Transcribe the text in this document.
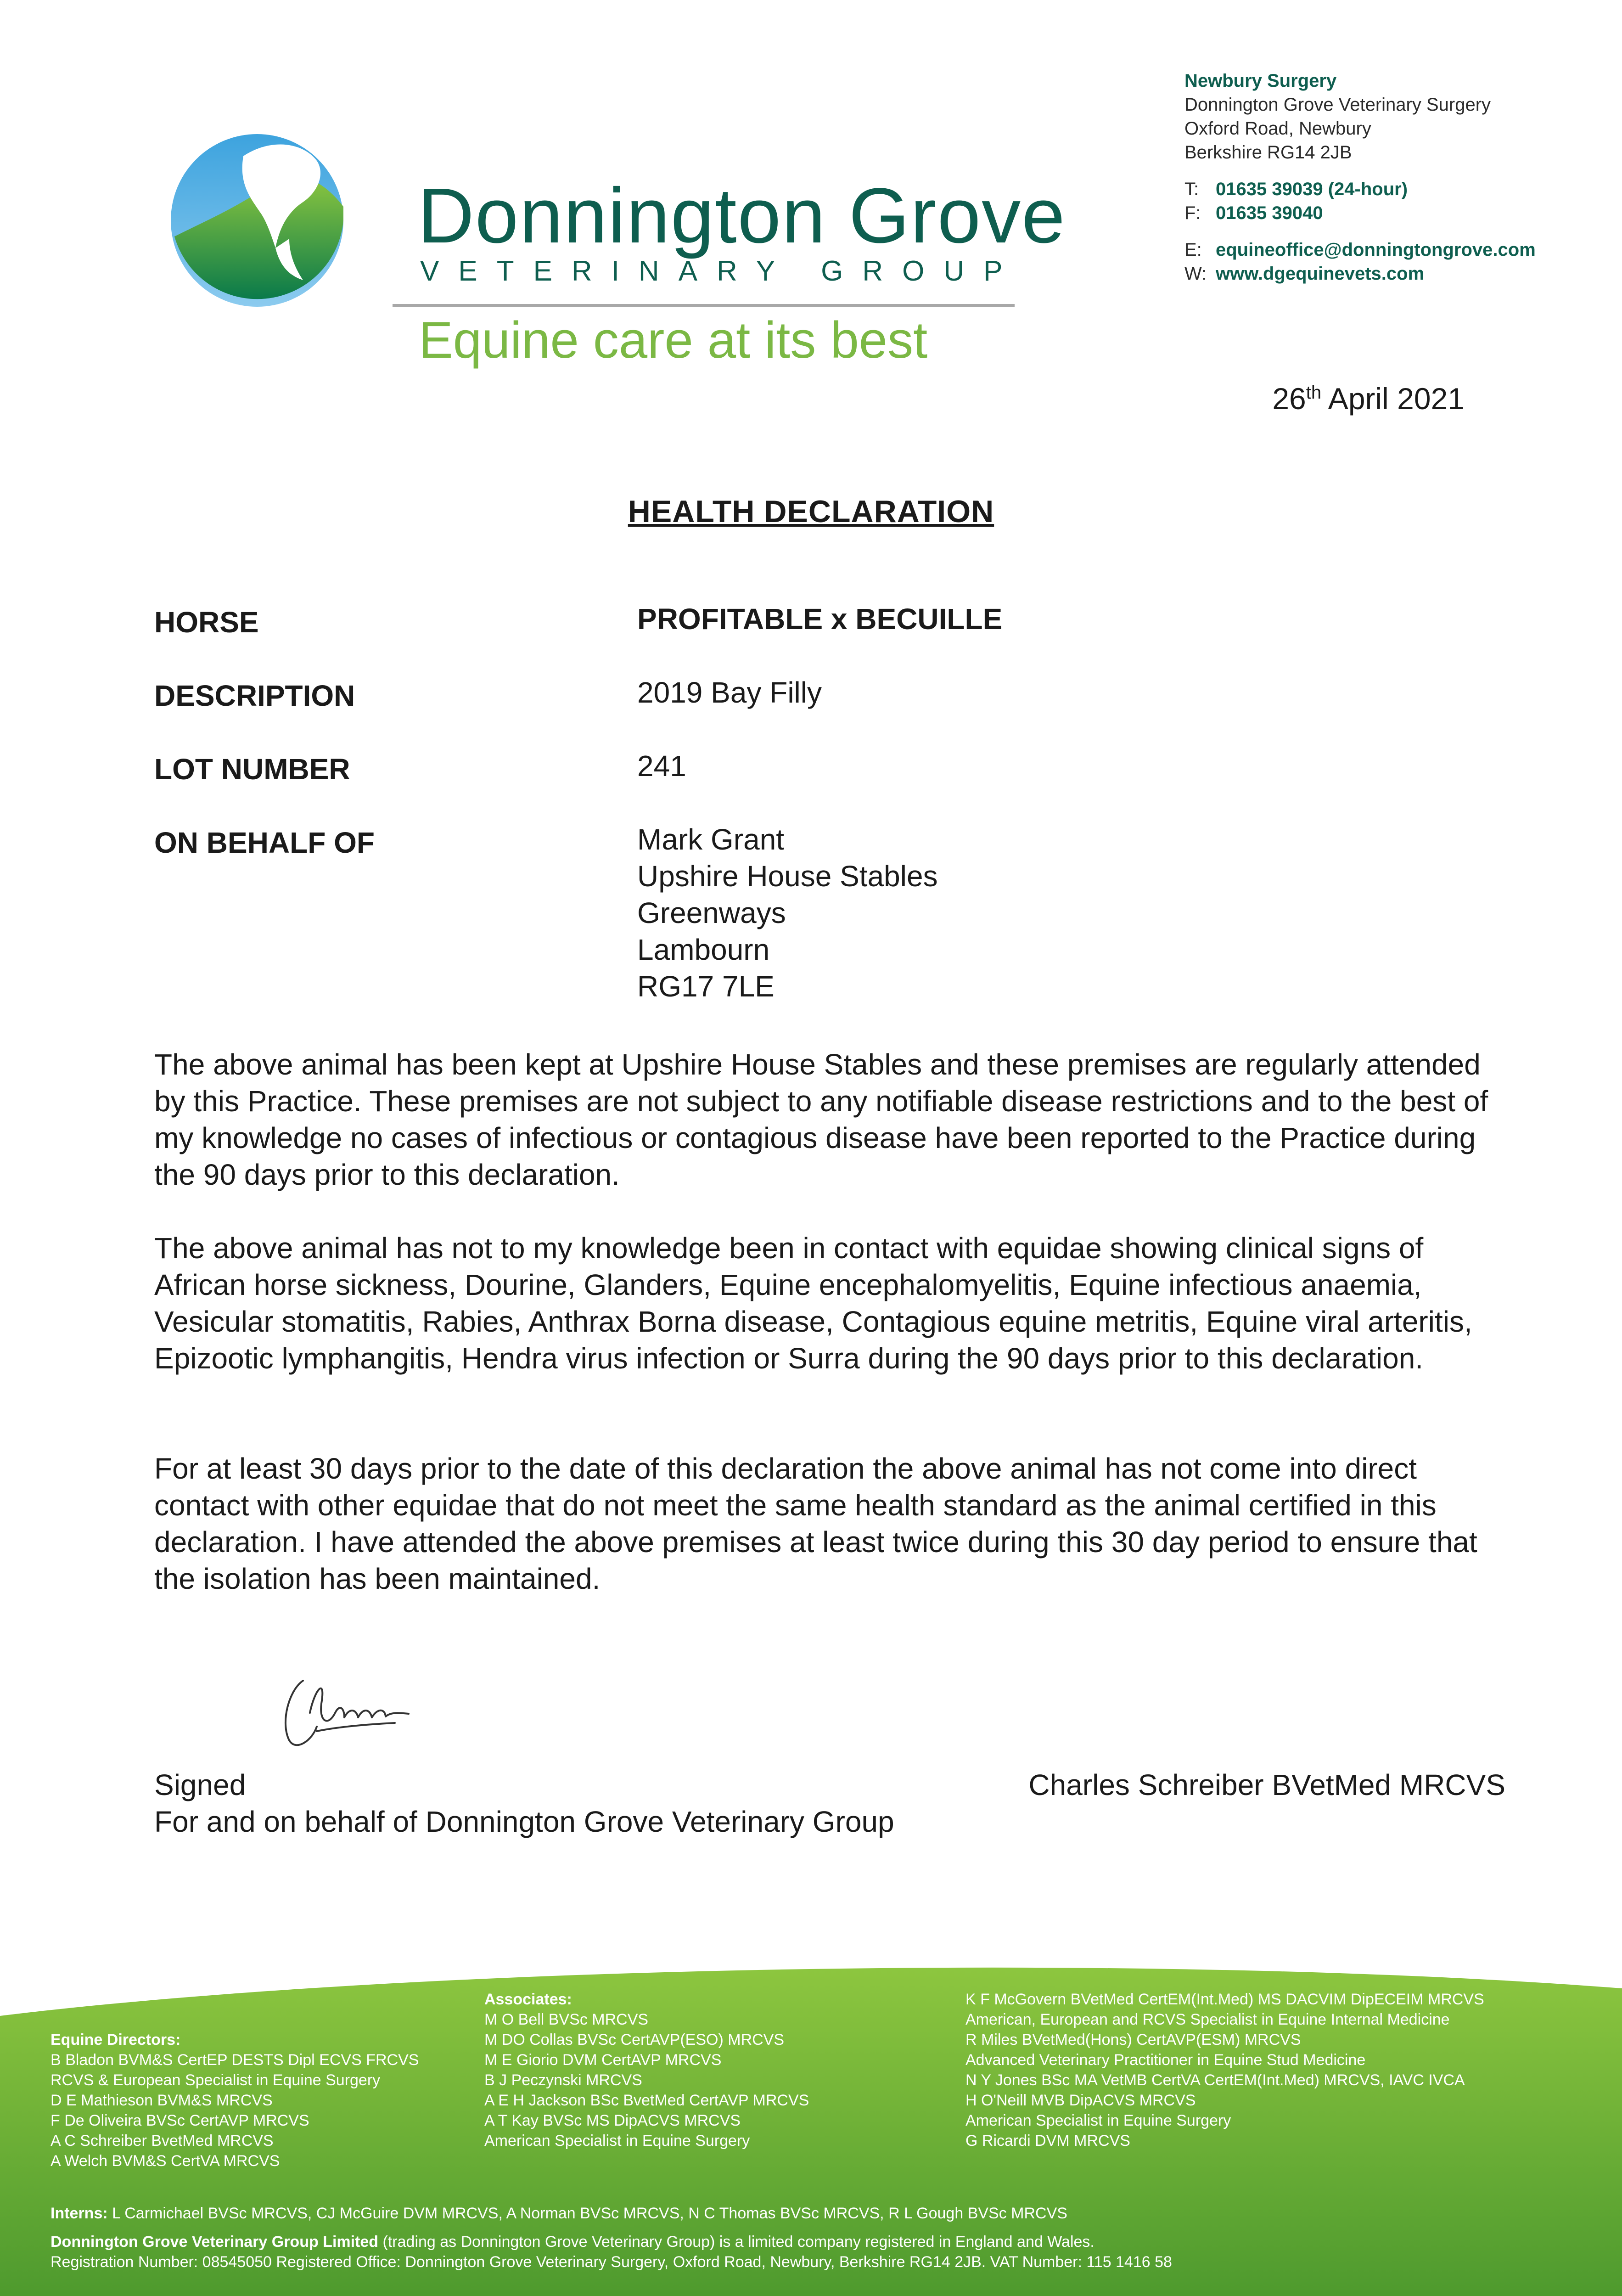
Donnington Grove
VETERINARY GROUP
Equine care at its best
Newbury Surgery
Donnington Grove Veterinary Surgery
Oxford Road, Newbury
Berkshire RG14 2JB
T: 01635 39039 (24-hour)
F: 01635 39040
E: equineoffice@donningtongrove.com
W: www.dgequinevets.com
26th April 2021
HEALTH DECLARATION
HORSE	PROFITABLE x BECUILLE
DESCRIPTION	2019 Bay Filly
LOT NUMBER	241
ON BEHALF OF	Mark Grant
Upshire House Stables
Greenways
Lambourn
RG17 7LE
The above animal has been kept at Upshire House Stables and these premises are regularly attended by this Practice. These premises are not subject to any notifiable disease restrictions and to the best of my knowledge no cases of infectious or contagious disease have been reported to the Practice during the 90 days prior to this declaration.
The above animal has not to my knowledge been in contact with equidae showing clinical signs of African horse sickness, Dourine, Glanders, Equine encephalomyelitis, Equine infectious anaemia, Vesicular stomatitis, Rabies, Anthrax Borna disease, Contagious equine metritis, Equine viral arteritis, Epizootic lymphangitis, Hendra virus infection or Surra during the 90 days prior to this declaration.
For at least 30 days prior to the date of this declaration the above animal has not come into direct contact with other equidae that do not meet the same health standard as the animal certified in this declaration. I have attended the above premises at least twice during this 30 day period to ensure that the isolation has been maintained.
Signed
For and on behalf of Donnington Grove Veterinary Group
Charles Schreiber BVetMed MRCVS
Equine Directors:
B Bladon BVM&S CertEP DESTS Dipl ECVS FRCVS
RCVS & European Specialist in Equine Surgery
D E Mathieson BVM&S MRCVS
F De Oliveira BVSc CertAVP MRCVS
A C Schreiber BvetMed MRCVS
A Welch BVM&S CertVA MRCVS
Associates:
M O Bell BVSc MRCVS
M DO Collas BVSc CertAVP(ESO) MRCVS
M E Giorio DVM CertAVP MRCVS
B J Peczynski MRCVS
A E H Jackson BSc BvetMed CertAVP MRCVS
A T Kay BVSc MS DipACVS MRCVS
American Specialist in Equine Surgery
K F McGovern BVetMed CertEM(Int.Med) MS DACVIM DipECEIM MRCVS
American, European and RCVS Specialist in Equine Internal Medicine
R Miles BVetMed(Hons) CertAVP(ESM) MRCVS
Advanced Veterinary Practitioner in Equine Stud Medicine
N Y Jones BSc MA VetMB CertVA CertEM(Int.Med) MRCVS, IAVC IVCA
H O'Neill MVB DipACVS MRCVS
American Specialist in Equine Surgery
G Ricardi DVM MRCVS
Interns: L Carmichael BVSc MRCVS, CJ McGuire DVM MRCVS, A Norman BVSc MRCVS, N C Thomas BVSc MRCVS, R L Gough BVSc MRCVS
Donnington Grove Veterinary Group Limited (trading as Donnington Grove Veterinary Group) is a limited company registered in England and Wales.
Registration Number: 08545050 Registered Office: Donnington Grove Veterinary Surgery, Oxford Road, Newbury, Berkshire RG14 2JB. VAT Number: 115 1416 58
